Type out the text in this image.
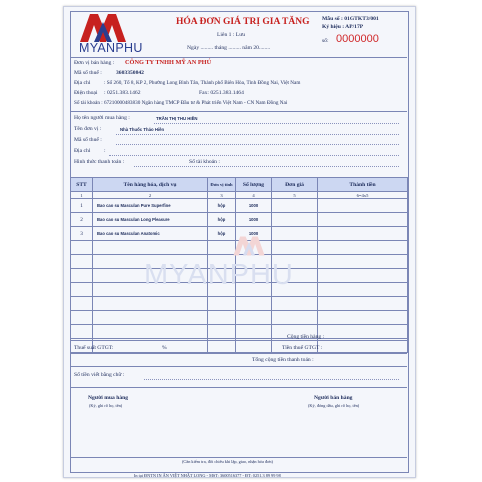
MYANPHU
HÓA ĐƠN GIÁ TRỊ GIA TĂNG
Liên 1 : Lưu
Ngày ......... tháng ......... năm 20........
Mẫu số : 01GTKT3/001
Ký hiệu : AP/17P
số: 0000000
Đơn vị bán hàng : CÔNG TY TNHH MỸ AN PHÚ
Mã số thuế :	3603350842
Địa chỉ	: Số 260, Tổ 8, KP 2, Phường Long Bình Tân, Thành phố Biên Hòa, Tỉnh Đồng Nai, Việt Nam
Điện thoại : 0251.383.1462	Fax: 0251.383.1464
Số tài khoản : 67210000483830 Ngân hàng TMCP Đầu tư & Phát triển Việt Nam - CN Nam Đồng Nai
Họ tên người mua hàng :	TRẦN THỊ THU HIỀN
Tên đơn vị :	Nhà Thuốc Thảo Hiền
Mã số thuế :
Địa chỉ :
Hình thức thanh toán :	Số tài khoản :
STT	Tên hàng hóa, dịch vụ	Đơn vị tính	Số lượng	Đơn giá	Thành tiền
1	2	3	4	5	6=4x5
1	Bao cao su Masculan Pure Superfine	hộp	1000		
2	Bao cao su Masculan Long Pleasure	hộp	1000		
3	Bao cao su Masculan Anatomic	hộp	1000		

MYANPHU
Cộng tiền hàng :
Thuế suất GTGT:	%	Tiền thuế GTGT :
Tổng cộng tiền thanh toán :
Số tiền viết bằng chữ :
Người mua hàng
(Ký, ghi rõ họ, tên)
Người bán hàng
(Ký, đóng dấu, ghi rõ họ, tên)
(Cần kiểm tra, đối chiếu khi lập, giao, nhận hóa đơn)
In tại ĐNTN IN ẤN VIỆT NHẬT LONG - MST: 3600516377 - ĐT: 0251.3 89 99 98
